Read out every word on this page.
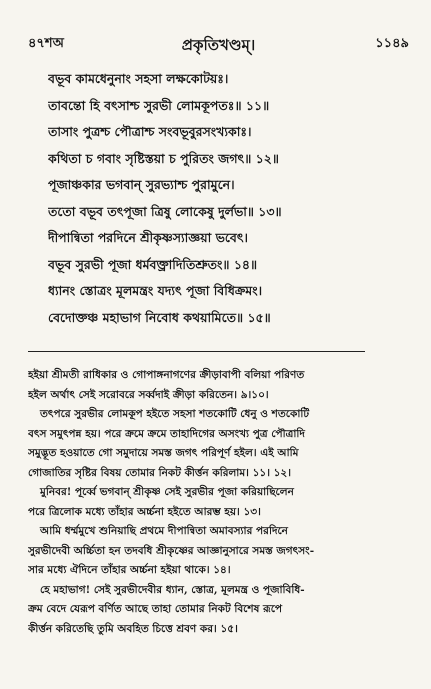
৪৭শঅ	প্রকৃতিখণ্ডম্।	১১৪৯
বভূব কামধেনুনাং সহসা লক্ষকোটয়ঃ।
তাবন্তো হি বৎসাশ্চ সুরভী লোমকূপতঃ॥ ১১॥
তাসাং পুত্রশ্চ পৌত্রাশ্চ সংবভূবুরসংখ্যকাঃ।
কথিতা চ গবাং সৃষ্টিস্তয়া চ পুরিতং জগৎ॥ ১২॥
পূজাঞ্চকার ভগবান্ সুরভ্যাশ্চ পুরামুনে।
ততো বভূব তৎপূজা ত্রিষু লোকেষু দুর্লভা॥ ১৩॥
দীপান্বিতা পরদিনে শ্রীকৃষ্ণস্যাজ্ঞয়া ভবেৎ।
বভূব সুরভী পূজা ধর্মবক্ত্রাদিতিশ্রুতং॥ ১৪॥
ধ্যানং স্তোত্রং মূলমন্ত্রং যদ্যৎ পূজা বিধিক্রমং।
বেদোক্তঞ্চ মহাভাগ নিবোধ কথয়ামিতে॥ ১৫॥
হইয়া শ্রীমতী রাধিকার ও গোপাঙ্গনাগণের ক্রীড়াবাপী বলিয়া পরিণত
হইল অর্থাৎ সেই সরোবরে সর্ব্বদাই ক্রীড়া করিতেন। ৯।১০।
তৎপরে সুরভীর লোমকূপ হইতে সহসা শতকোটি ধেনু ও শতকোটি
বৎস সমুৎপন্ন হয়। পরে ক্রমে ক্রমে তাহাদিগের অসংখ্য পুত্র পৌত্রাদি
সমুদ্ভূত হওয়াতে গো সমুদায়ে সমস্ত জগৎ পরিপূর্ণ হইল। এই আমি
গোজাতির সৃষ্টির বিষয় তোমার নিকট কীর্ত্তন করিলাম। ১১। ১২।
মুনিবর! পূর্ব্বে ভগবান্ শ্রীকৃষ্ণ সেই সুরভীর পূজা করিয়াছিলেন
পরে ত্রিলোক মধ্যে তাঁহার অর্চ্চনা হইতে আরম্ভ হয়। ১৩।
আমি ধর্ম্মমুখে শুনিয়াছি প্রথমে দীপান্বিতা অমাবস্যার পরদিনে
সুরভীদেবী অর্চ্চিতা হন তদবধি শ্রীকৃষ্ণের আজ্ঞানুসারে সমস্ত জগৎসং-
সার মধ্যে ঐদিনে তাঁহার অর্চ্চনা হইয়া থাকে। ১৪।
হে মহাভাগ! সেই সুরভীদেবীর ধ্যান, স্তোত্র, মূলমন্ত্র ও পূজাবিধি-
ক্রম বেদে যেরূপ বর্ণিত আছে তাহা তোমার নিকট বিশেষ রূপে
কীর্ত্তন করিতেছি তুমি অবহিত চিত্তে শ্রবণ কর। ১৫।
